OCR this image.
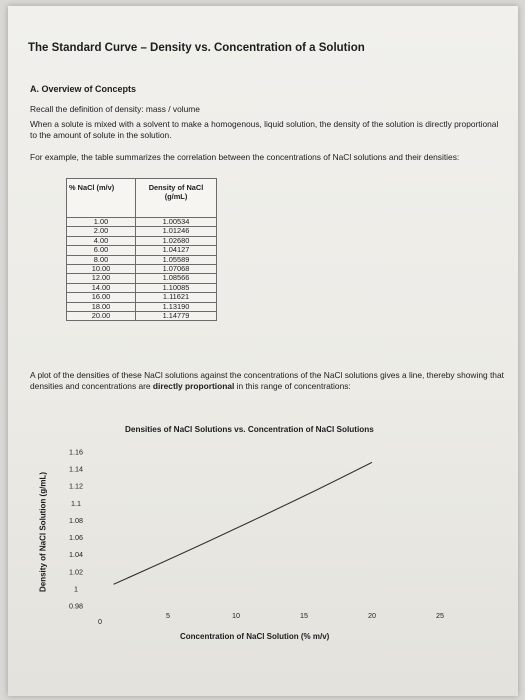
The Standard Curve – Density vs. Concentration of a Solution
A. Overview of Concepts
Recall the definition of density: mass / volume
When a solute is mixed with a solvent to make a homogenous, liquid solution, the density of the solution is directly proportional to the amount of solute in the solution.
For example, the table summarizes the correlation between the concentrations of NaCl solutions and their densities:
% NaCl (m/v)	Density of NaCl (g/mL)
1.00	1.00534
2.00	1.01246
4.00	1.02680
6.00	1.04127
8.00	1.05589
10.00	1.07068
12.00	1.08566
14.00	1.10085
16.00	1.11621
18.00	1.13190
20.00	1.14779
A plot of the densities of these NaCl solutions against the concentrations of the NaCl solutions gives a line, thereby showing that densities and concentrations are directly proportional in this range of concentrations:
Densities of NaCl Solutions vs. Concentration of NaCl Solutions
Density of NaCl Solution (g/mL)
Concentration of NaCl Solution (% m/v)
0.98
1
1.02
1.04
1.06
1.08
1.1
1.12
1.14
1.16
0
5	10	15	20	25
